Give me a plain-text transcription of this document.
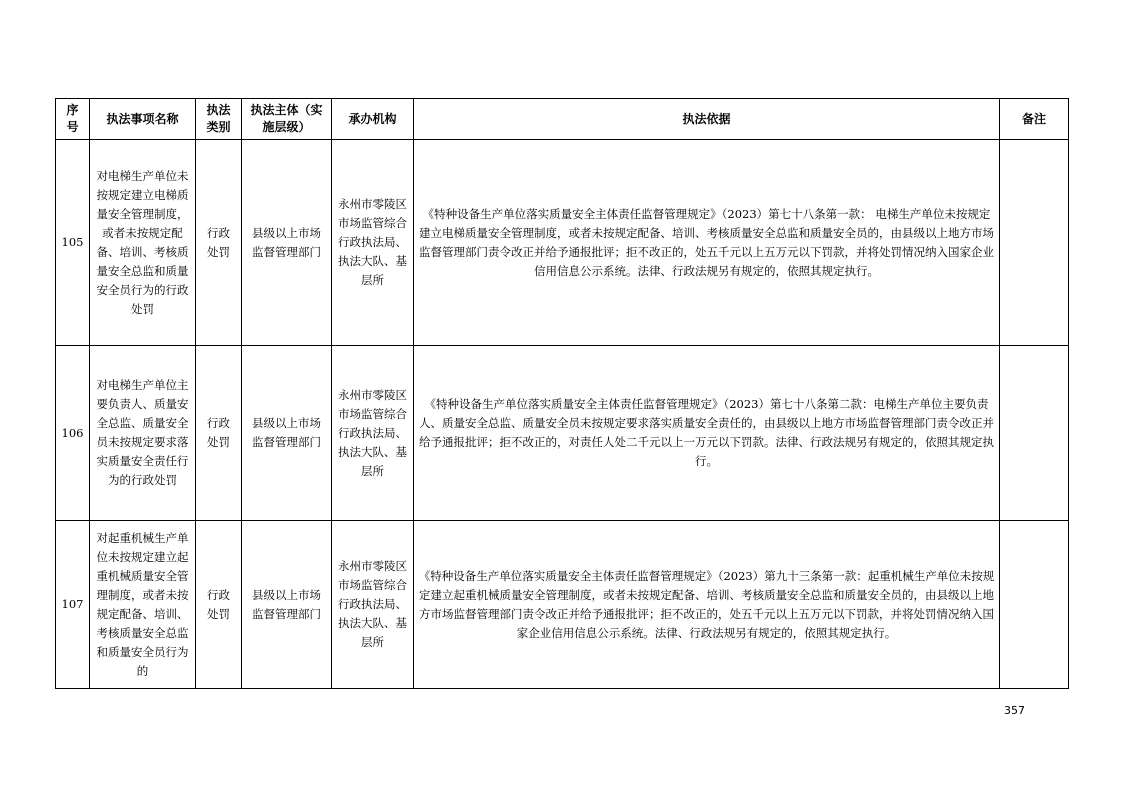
序号	执法事项名称	执法类别	执法主体（实施层级）	承办机构	执法依据	备注
105	对电梯生产单位未按规定建立电梯质量安全管理制度，或者未按规定配备、培训、考核质量安全总监和质量安全员行为的行政处罚	行政处罚	县级以上市场监督管理部门	永州市零陵区市场监管综合行政执法局、执法大队、基层所	《特种设备生产单位落实质量安全主体责任监督管理规定》（2023）第七十八条第一款： 电梯生产单位未按规定建立电梯质量安全管理制度，或者未按规定配备、培训、考核质量安全总监和质量安全员的，由县级以上地方市场监督管理部门责令改正并给予通报批评；拒不改正的，处五千元以上五万元以下罚款，并将处罚情况纳入国家企业信用信息公示系统。法律、行政法规另有规定的，依照其规定执行。	
106	对电梯生产单位主要负责人、质量安全总监、质量安全员未按规定要求落实质量安全责任行为的行政处罚	行政处罚	县级以上市场监督管理部门	永州市零陵区市场监管综合行政执法局、执法大队、基层所	《特种设备生产单位落实质量安全主体责任监督管理规定》（2023）第七十八条第二款：电梯生产单位主要负责人、质量安全总监、质量安全员未按规定要求落实质量安全责任的，由县级以上地方市场监督管理部门责令改正并给予通报批评；拒不改正的，对责任人处二千元以上一万元以下罚款。法律、行政法规另有规定的，依照其规定执行。	
107	对起重机械生产单位未按规定建立起重机械质量安全管理制度，或者未按规定配备、培训、考核质量安全总监和质量安全员行为的	行政处罚	县级以上市场监督管理部门	永州市零陵区市场监管综合行政执法局、执法大队、基层所	《特种设备生产单位落实质量安全主体责任监督管理规定》（2023）第九十三条第一款：起重机械生产单位未按规定建立起重机械质量安全管理制度，或者未按规定配备、培训、考核质量安全总监和质量安全员的，由县级以上地方市场监督管理部门责令改正并给予通报批评；拒不改正的，处五千元以上五万元以下罚款，并将处罚情况纳入国家企业信用信息公示系统。法律、行政法规另有规定的，依照其规定执行。	
357
